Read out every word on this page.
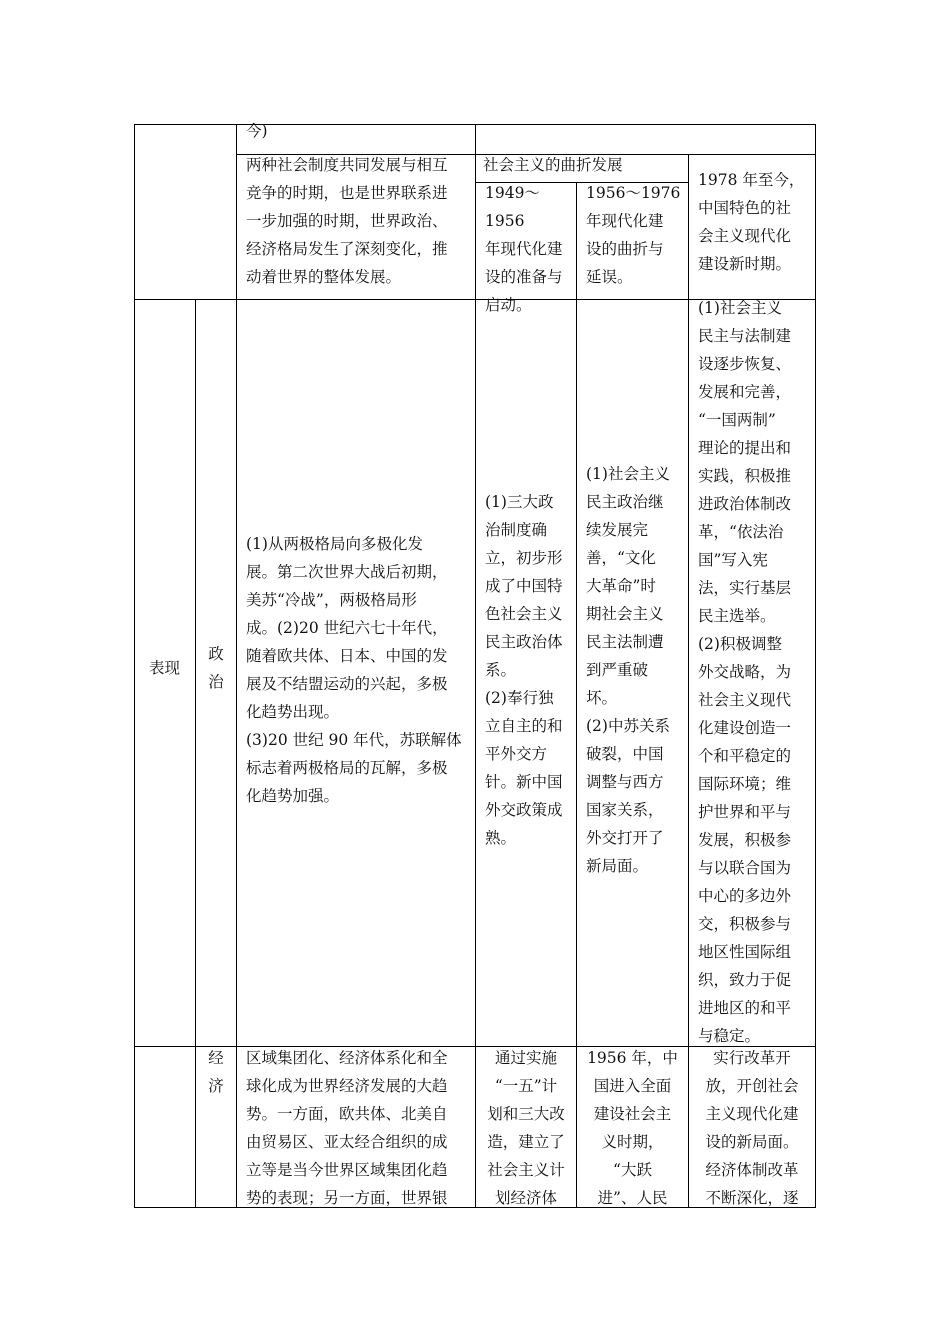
今)

两种社会制度共同发展与相互
竞争的时期，也是世界联系进
一步加强的时期，世界政治、
经济格局发生了深刻变化，推
动着世界的整体发展。

社会主义的曲折发展

1949～1956
年现代化建
设的准备与
启动。

1956～1976
年现代化建
设的曲折与
延误。

1978 年至今，
中国特色的社
会主义现代化
建设新时期。

表现

政
治

(1)从两极格局向多极化发
展。第二次世界大战后初期，
美苏“冷战”，两极格局形
成。(2)20 世纪六七十年代，
随着欧共体、日本、中国的发
展及不结盟运动的兴起，多极
化趋势出现。
(3)20 世纪 90 年代，苏联解体
标志着两极格局的瓦解，多极
化趋势加强。

(1)三大政
治制度确
立，初步形
成了中国特
色社会主义
民主政治体
系。
(2)奉行独
立自主的和
平外交方
针。新中国
外交政策成
熟。

(1)社会主义
民主政治继
续发展完
善，“文化
大革命”时
期社会主义
民主法制遭
到严重破
坏。
(2)中苏关系
破裂，中国
调整与西方
国家关系，
外交打开了
新局面。

(1)社会主义
民主与法制建
设逐步恢复、
发展和完善，
“一国两制”
理论的提出和
实践，积极推
进政治体制改
革，“依法治
国”写入宪
法，实行基层
民主选举。
(2)积极调整
外交战略，为
社会主义现代
化建设创造一
个和平稳定的
国际环境；维
护世界和平与
发展，积极参
与以联合国为
中心的多边外
交，积极参与
地区性国际组
织，致力于促
进地区的和平
与稳定。

经
济

区域集团化、经济体系化和全
球化成为世界经济发展的大趋
势。一方面，欧共体、北美自
由贸易区、亚太经合组织的成
立等是当今世界区域集团化趋
势的表现；另一方面，世界银

通过实施
“一五”计
划和三大改
造，建立了
社会主义计
划经济体

1956 年，中
国进入全面
建设社会主
义时期，
“大跃
进”、人民

实行改革开
放，开创社会
主义现代化建
设的新局面。
经济体制改革
不断深化，逐
